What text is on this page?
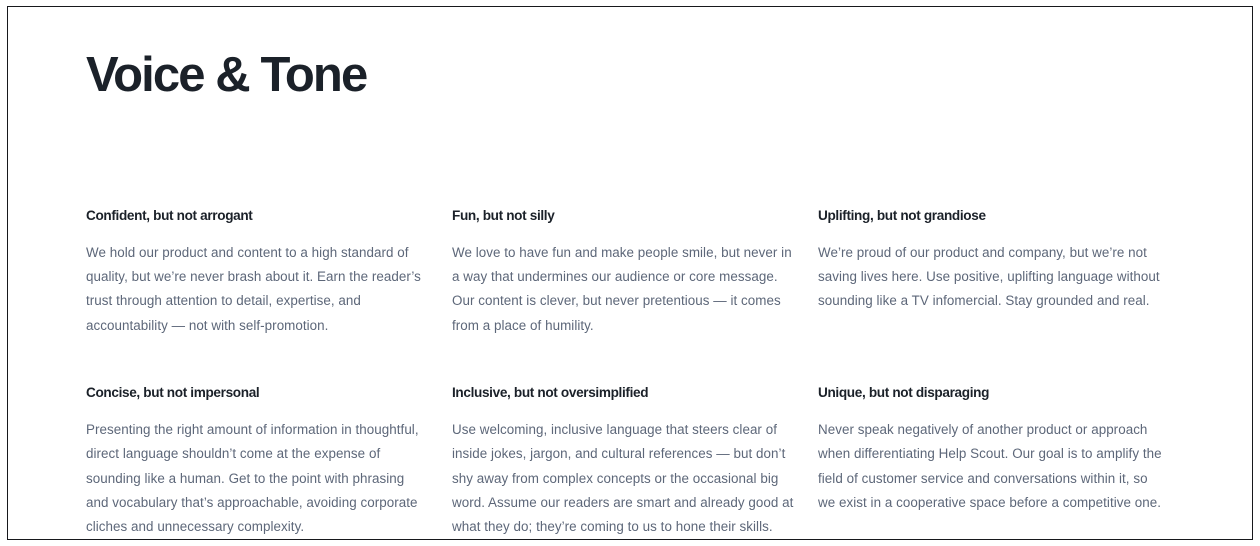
Voice & Tone
Confident, but not arrogant

We hold our product and content to a high standard of quality, but we’re never brash about it. Earn the reader’s trust through attention to detail, expertise, and accountability — not with self-promotion.

Fun, but not silly

We love to have fun and make people smile, but never in a way that undermines our audience or core message. Our content is clever, but never pretentious — it comes from a place of humility.

Uplifting, but not grandiose

We’re proud of our product and company, but we’re not saving lives here. Use positive, uplifting language without sounding like a TV infomercial. Stay grounded and real.

Concise, but not impersonal

Presenting the right amount of information in thoughtful, direct language shouldn’t come at the expense of sounding like a human. Get to the point with phrasing and vocabulary that’s approachable, avoiding corporate cliches and unnecessary complexity.

Inclusive, but not oversimplified

Use welcoming, inclusive language that steers clear of inside jokes, jargon, and cultural references — but don’t shy away from complex concepts or the occasional big word. Assume our readers are smart and already good at what they do; they’re coming to us to hone their skills.

Unique, but not disparaging

Never speak negatively of another product or approach when differentiating Help Scout. Our goal is to amplify the field of customer service and conversations within it, so we exist in a cooperative space before a competitive one.
